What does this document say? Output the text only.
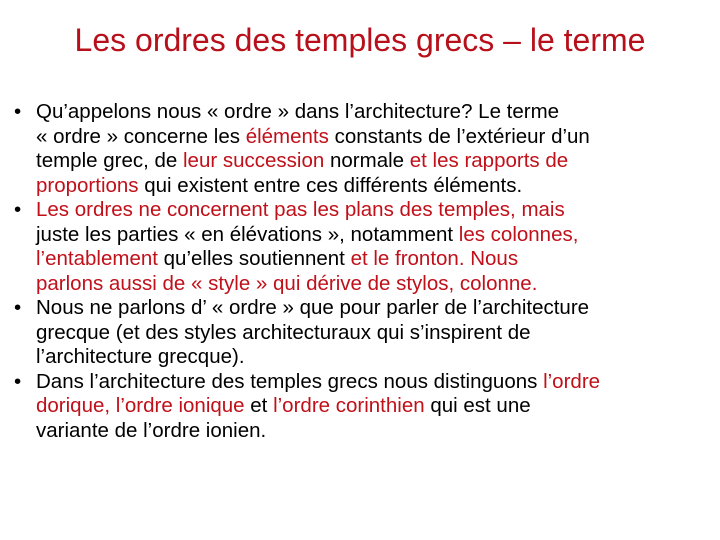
Les ordres des temples grecs – le terme
• Qu’appelons nous « ordre » dans l’architecture? Le terme
« ordre » concerne les éléments constants de l’extérieur d’un
temple grec, de leur succession normale et les rapports de
proportions qui existent entre ces différents éléments.
• Les ordres ne concernent pas les plans des temples, mais
juste les parties « en élévations », notamment les colonnes,
l’entablement qu’elles soutiennent et le fronton. Nous
parlons aussi de « style » qui dérive de stylos, colonne.
• Nous ne parlons d’ « ordre » que pour parler de l’architecture
grecque (et des styles architecturaux qui s’inspirent de
l’architecture grecque).
• Dans l’architecture des temples grecs nous distinguons l’ordre
dorique, l’ordre ionique et l’ordre corinthien qui est une
variante de l’ordre ionien.
